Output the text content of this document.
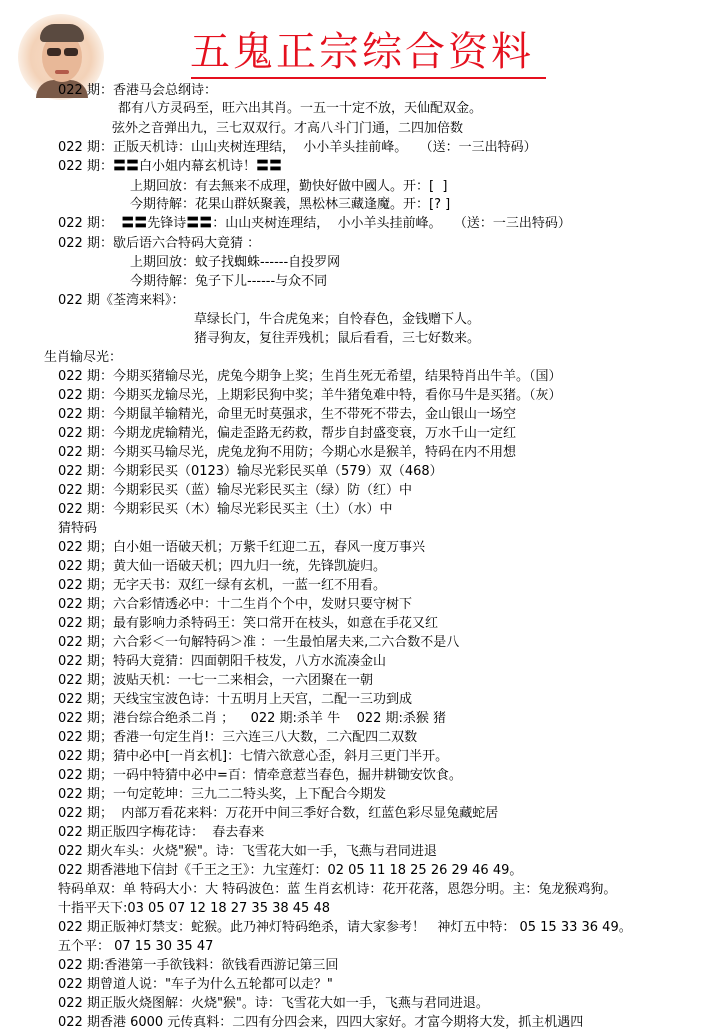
五鬼正宗综合资料
022 期：香港马会总纲诗：
都有八方灵码至，旺六出其肖。一五一十定不放，天仙配双金。
弦外之音弹出九，三七双双行。才高八斗门门通，二四加倍数
022 期：正版天机诗：山山夹树连理结，  小小羊头挂前峰。   （送：一三出特码）
022 期：〓〓白小姐内幕玄机诗！〓〓
上期回放：有去無来不成理，勤快好做中國人。开：[  ]
今期待解：花果山群妖聚義，黑松林三藏逢魔。开：[? ]
022 期：  〓〓先锋诗〓〓：山山夹树连理结，  小小羊头挂前峰。   （送：一三出特码）
022 期：歇后语六合特码大竟猜 ：
上期回放：蚊子找蜘蛛------自投罗网
今期待解：兔子下儿------与众不同
022 期《荃湾来料》：
草绿长门，牛合虎兔来；自怜春色，金钱赠下人。
猪寻狗友，复往弄残机；鼠后看看，三七好数来。
生肖输尽光：
022 期：今期买猪输尽光，虎兔今期争上奖；生肖生死无希望，结果特肖出牛羊。（国）
022 期：今期买龙输尽光，上期彩民狗中奖；羊牛猪兔难中特，看你马牛是买猪。（灰）
022 期：今期鼠羊输精光，命里无时莫强求，生不带死不带去，金山银山一场空
022 期：今期龙虎输精光，偏走歪路无药救，帮步自封盛变衰，万水千山一定红
022 期：今期买马输尽光，虎兔龙狗不用防；今期心水是猴羊，特码在内不用想
022 期：今期彩民买（0123）输尽光彩民买单（579）双（468）
022 期：今期彩民买（蓝）输尽光彩民买主（绿）防（红）中
022 期：今期彩民买（木）输尽光彩民买主（土）（水）中
猜特码
022 期；白小姐一语破天机；万紫千红迎二五，春风一度万事兴
022 期；黄大仙一语破天机；四九归一统，先锋凯旋归。
022 期；无字天书：双红一绿有玄机，一蓝一红不用看。
022 期；六合彩情透必中：十二生肖个个中，发财只要守树下
022 期；最有影响力杀特码王：笑口常开在枝头，如意在手花又红
022 期；六合彩＜一句解特码＞准 ：一生最怕屠夫来,二六合数不是八
022 期；特码大竟猜：四面朝阳千枝发，八方水流凑金山
022 期；波贴天机：一七一二来相会，一六团聚在一朝
022 期；天线宝宝波色诗：十五明月上天宫，二配一三功到成
022 期；港台综合绝杀二肖 ；    022 期:杀羊 牛    022 期:杀猴 猪
022 期；香港一句定生肖!：三六连三八大数，二六配四二双数
022 期；猜中必中[一肖玄机]：七情六欲意心歪，斜月三更门半开。
022 期；一码中特猜中必中=百：情牵意惹当春色，掘井耕锄安饮食。
022 期；一句定乾坤：三九二二特头奖，上下配合今期发
022 期；  内部万看花来料：万花开中间三季好合数，红蓝色彩尽显兔藏蛇居
022 期正版四字梅花诗：  春去春来
022 期火车头：火烧"猴"。诗：飞雪花大如一手，飞燕与君同进退
022 期香港地下信封《千王之王》：九宝莲灯：02 05 11 18 25 26 29 46 49。
特码单双：单 特码大小：大 特码波色：蓝 生肖玄机诗：花开花落，恩怨分明。主：兔龙猴鸡狗。
十指平天下:03 05 07 12 18 27 35 38 45 48
022 期正版神灯禁支：蛇猴。此乃神灯特码绝杀，请大家参考！   神灯五中特： 05 15 33 36 49。
五个平： 07 15 30 35 47
022 期:香港第一手欲钱料：欲钱看西游记第三回
022 期曾道人说："车子为什么五轮都可以走？"
022 期正版火烧图解：火烧"猴"。诗：飞雪花大如一手，飞燕与君同进退。
022 期香港 6000 元传真料：二四有分四会来，四四大家好。才富今期将大发，抓主机遇四
